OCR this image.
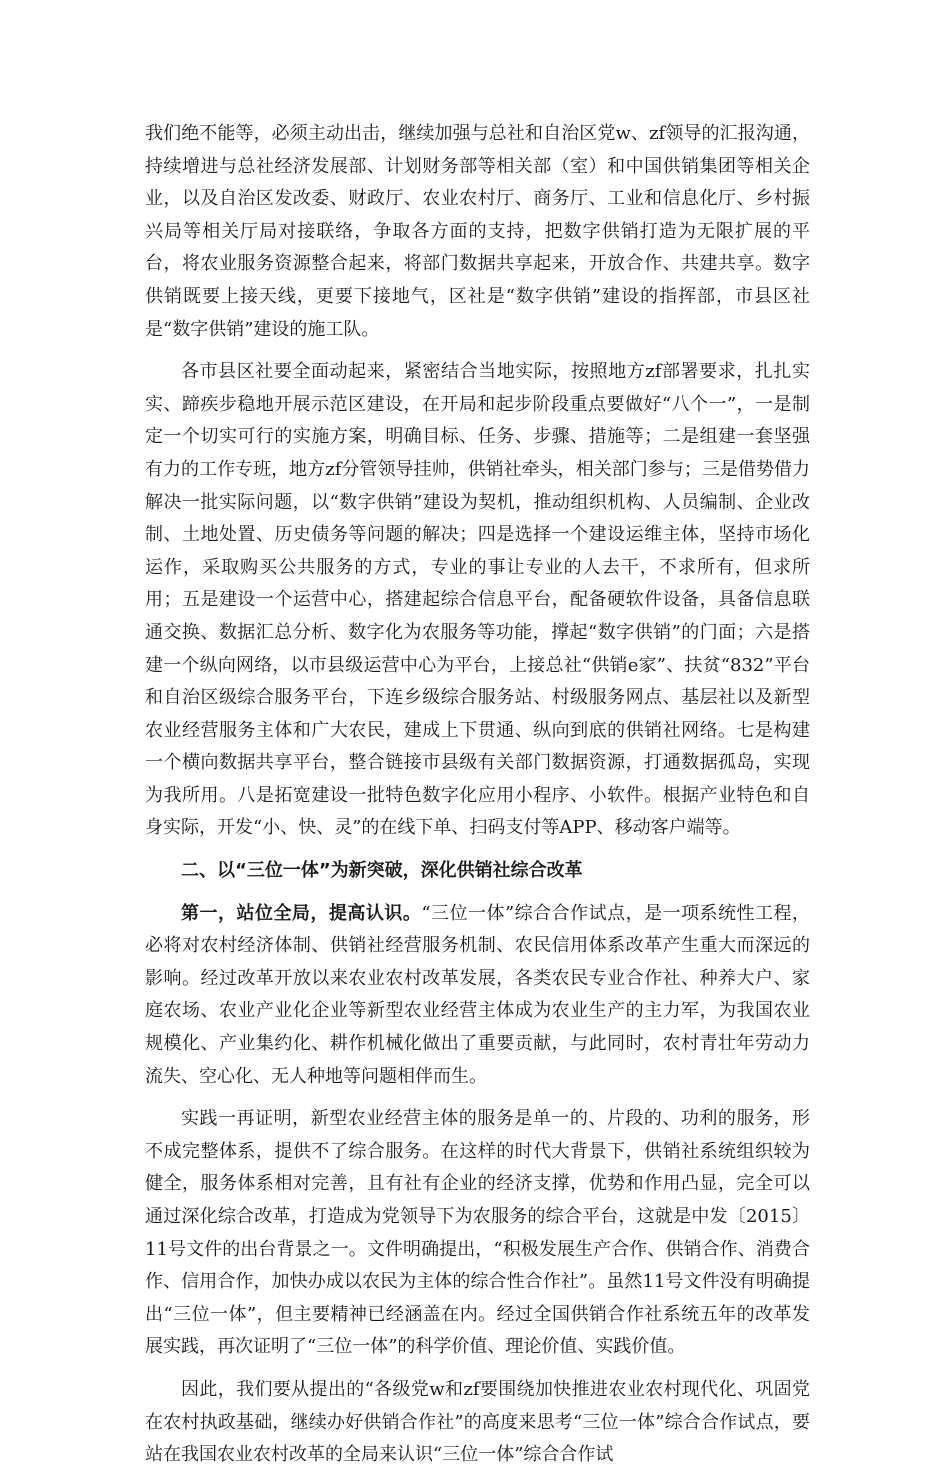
我们绝不能等，必须主动出击，继续加强与总社和自治区党w、zf领导的汇报沟通，持续增进与总社经济发展部、计划财务部等相关部（室）和中国供销集团等相关企业，以及自治区发改委、财政厅、农业农村厅、商务厅、工业和信息化厅、乡村振兴局等相关厅局对接联络，争取各方面的支持，把数字供销打造为无限扩展的平台，将农业服务资源整合起来，将部门数据共享起来，开放合作、共建共享。数字供销既要上接天线，更要下接地气，区社是“数字供销”建设的指挥部，市县区社是“数字供销”建设的施工队。

各市县区社要全面动起来，紧密结合当地实际，按照地方zf部署要求，扎扎实实、蹄疾步稳地开展示范区建设，在开局和起步阶段重点要做好“八个一”，一是制定一个切实可行的实施方案，明确目标、任务、步骤、措施等；二是组建一套坚强有力的工作专班，地方zf分管领导挂帅，供销社牵头，相关部门参与；三是借势借力解决一批实际问题，以“数字供销”建设为契机，推动组织机构、人员编制、企业改制、土地处置、历史债务等问题的解决；四是选择一个建设运维主体，坚持市场化运作，采取购买公共服务的方式，专业的事让专业的人去干，不求所有，但求所用；五是建设一个运营中心，搭建起综合信息平台，配备硬软件设备，具备信息联通交换、数据汇总分析、数字化为农服务等功能，撑起“数字供销”的门面；六是搭建一个纵向网络，以市县级运营中心为平台，上接总社“供销e家”、扶贫“832”平台和自治区级综合服务平台，下连乡级综合服务站、村级服务网点、基层社以及新型农业经营服务主体和广大农民，建成上下贯通、纵向到底的供销社网络。七是构建一个横向数据共享平台，整合链接市县级有关部门数据资源，打通数据孤岛，实现为我所用。八是拓宽建设一批特色数字化应用小程序、小软件。根据产业特色和自身实际，开发“小、快、灵”的在线下单、扫码支付等APP、移动客户端等。

二、以“三位一体”为新突破，深化供销社综合改革

第一，站位全局，提高认识。“三位一体”综合合作试点，是一项系统性工程，必将对农村经济体制、供销社经营服务机制、农民信用体系改革产生重大而深远的影响。经过改革开放以来农业农村改革发展，各类农民专业合作社、种养大户、家庭农场、农业产业化企业等新型农业经营主体成为农业生产的主力军，为我国农业规模化、产业集约化、耕作机械化做出了重要贡献，与此同时，农村青壮年劳动力流失、空心化、无人种地等问题相伴而生。

实践一再证明，新型农业经营主体的服务是单一的、片段的、功利的服务，形不成完整体系，提供不了综合服务。在这样的时代大背景下，供销社系统组织较为健全，服务体系相对完善，且有社有企业的经济支撑，优势和作用凸显，完全可以通过深化综合改革，打造成为党领导下为农服务的综合平台，这就是中发〔2015〕11号文件的出台背景之一。文件明确提出，“积极发展生产合作、供销合作、消费合作、信用合作，加快办成以农民为主体的综合性合作社”。虽然11号文件没有明确提出“三位一体”，但主要精神已经涵盖在内。经过全国供销合作社系统五年的改革发展实践，再次证明了“三位一体”的科学价值、理论价值、实践价值。

因此，我们要从提出的“各级党w和zf要围绕加快推进农业农村现代化、巩固党在农村执政基础，继续办好供销合作社”的高度来思考“三位一体”综合合作试点，要站在我国农业农村改革的全局来认识“三位一体”综合合作试
